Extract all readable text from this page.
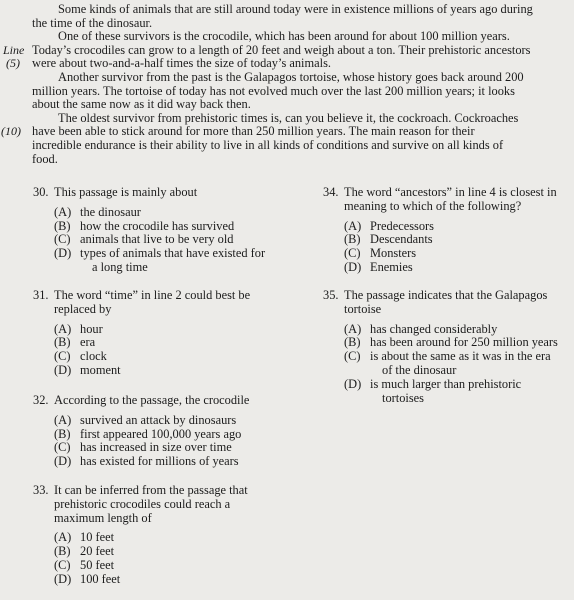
Some kinds of animals that are still around today were in existence millions of years ago during
the time of the dinosaur.
One of these survivors is the crocodile, which has been around for about 100 million years.
Line Today’s crocodiles can grow to a length of 20 feet and weigh about a ton. Their prehistoric ancestors
(5) were about two-and-a-half times the size of today’s animals.
Another survivor from the past is the Galapagos tortoise, whose history goes back around 200
million years. The tortoise of today has not evolved much over the last 200 million years; it looks
about the same now as it did way back then.
The oldest survivor from prehistoric times is, can you believe it, the cockroach. Cockroaches
(10) have been able to stick around for more than 250 million years. The main reason for their
incredible endurance is their ability to live in all kinds of conditions and survive on all kinds of
food.
30. This passage is mainly about
(A) the dinosaur
(B) how the crocodile has survived
(C) animals that live to be very old
(D) types of animals that have existed for
a long time
31. The word “time” in line 2 could best be
replaced by
(A) hour
(B) era
(C) clock
(D) moment
32. According to the passage, the crocodile
(A) survived an attack by dinosaurs
(B) first appeared 100,000 years ago
(C) has increased in size over time
(D) has existed for millions of years
33. It can be inferred from the passage that
prehistoric crocodiles could reach a
maximum length of
(A) 10 feet
(B) 20 feet
(C) 50 feet
(D) 100 feet
34. The word “ancestors” in line 4 is closest in
meaning to which of the following?
(A) Predecessors
(B) Descendants
(C) Monsters
(D) Enemies
35. The passage indicates that the Galapagos
tortoise
(A) has changed considerably
(B) has been around for 250 million years
(C) is about the same as it was in the era
of the dinosaur
(D) is much larger than prehistoric
tortoises
